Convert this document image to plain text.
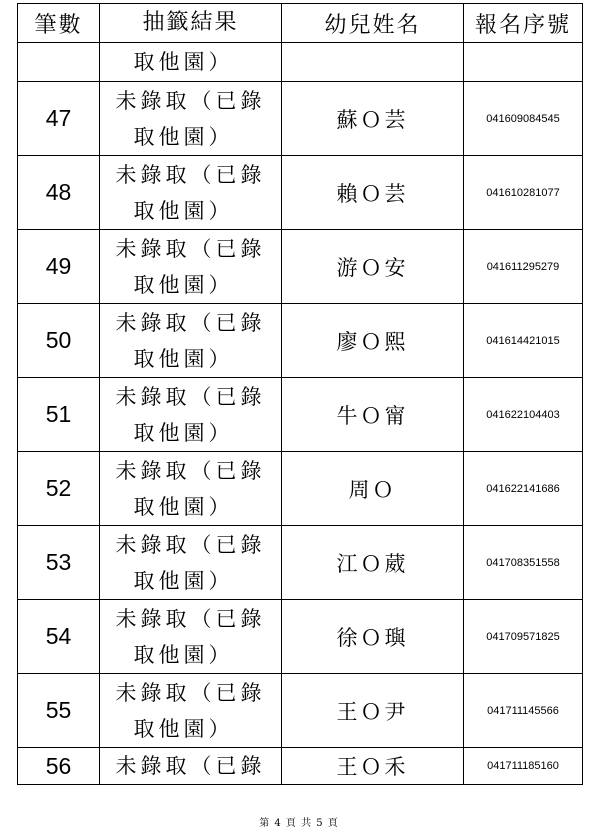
筆數	抽籤結果	幼兒姓名	報名序號

	取他園）		

47	未錄取（已錄
取他園）	蘇Ｏ芸	041609084545
48	未錄取（已錄
取他園）	賴Ｏ芸	041610281077
49	未錄取（已錄
取他園）	游Ｏ安	041611295279
50	未錄取（已錄
取他園）	廖Ｏ熙	041614421015
51	未錄取（已錄
取他園）	牛Ｏ甯	041622104403
52	未錄取（已錄
取他園）	周Ｏ	041622141686
53	未錄取（已錄
取他園）	江Ｏ葳	041708351558
54	未錄取（已錄
取他園）	徐Ｏ璵	041709571825
55	未錄取（已錄
取他園）	王Ｏ尹	041711145566
56	未錄取（已錄	王Ｏ禾	041711185160
第 4 頁 共 5 頁
